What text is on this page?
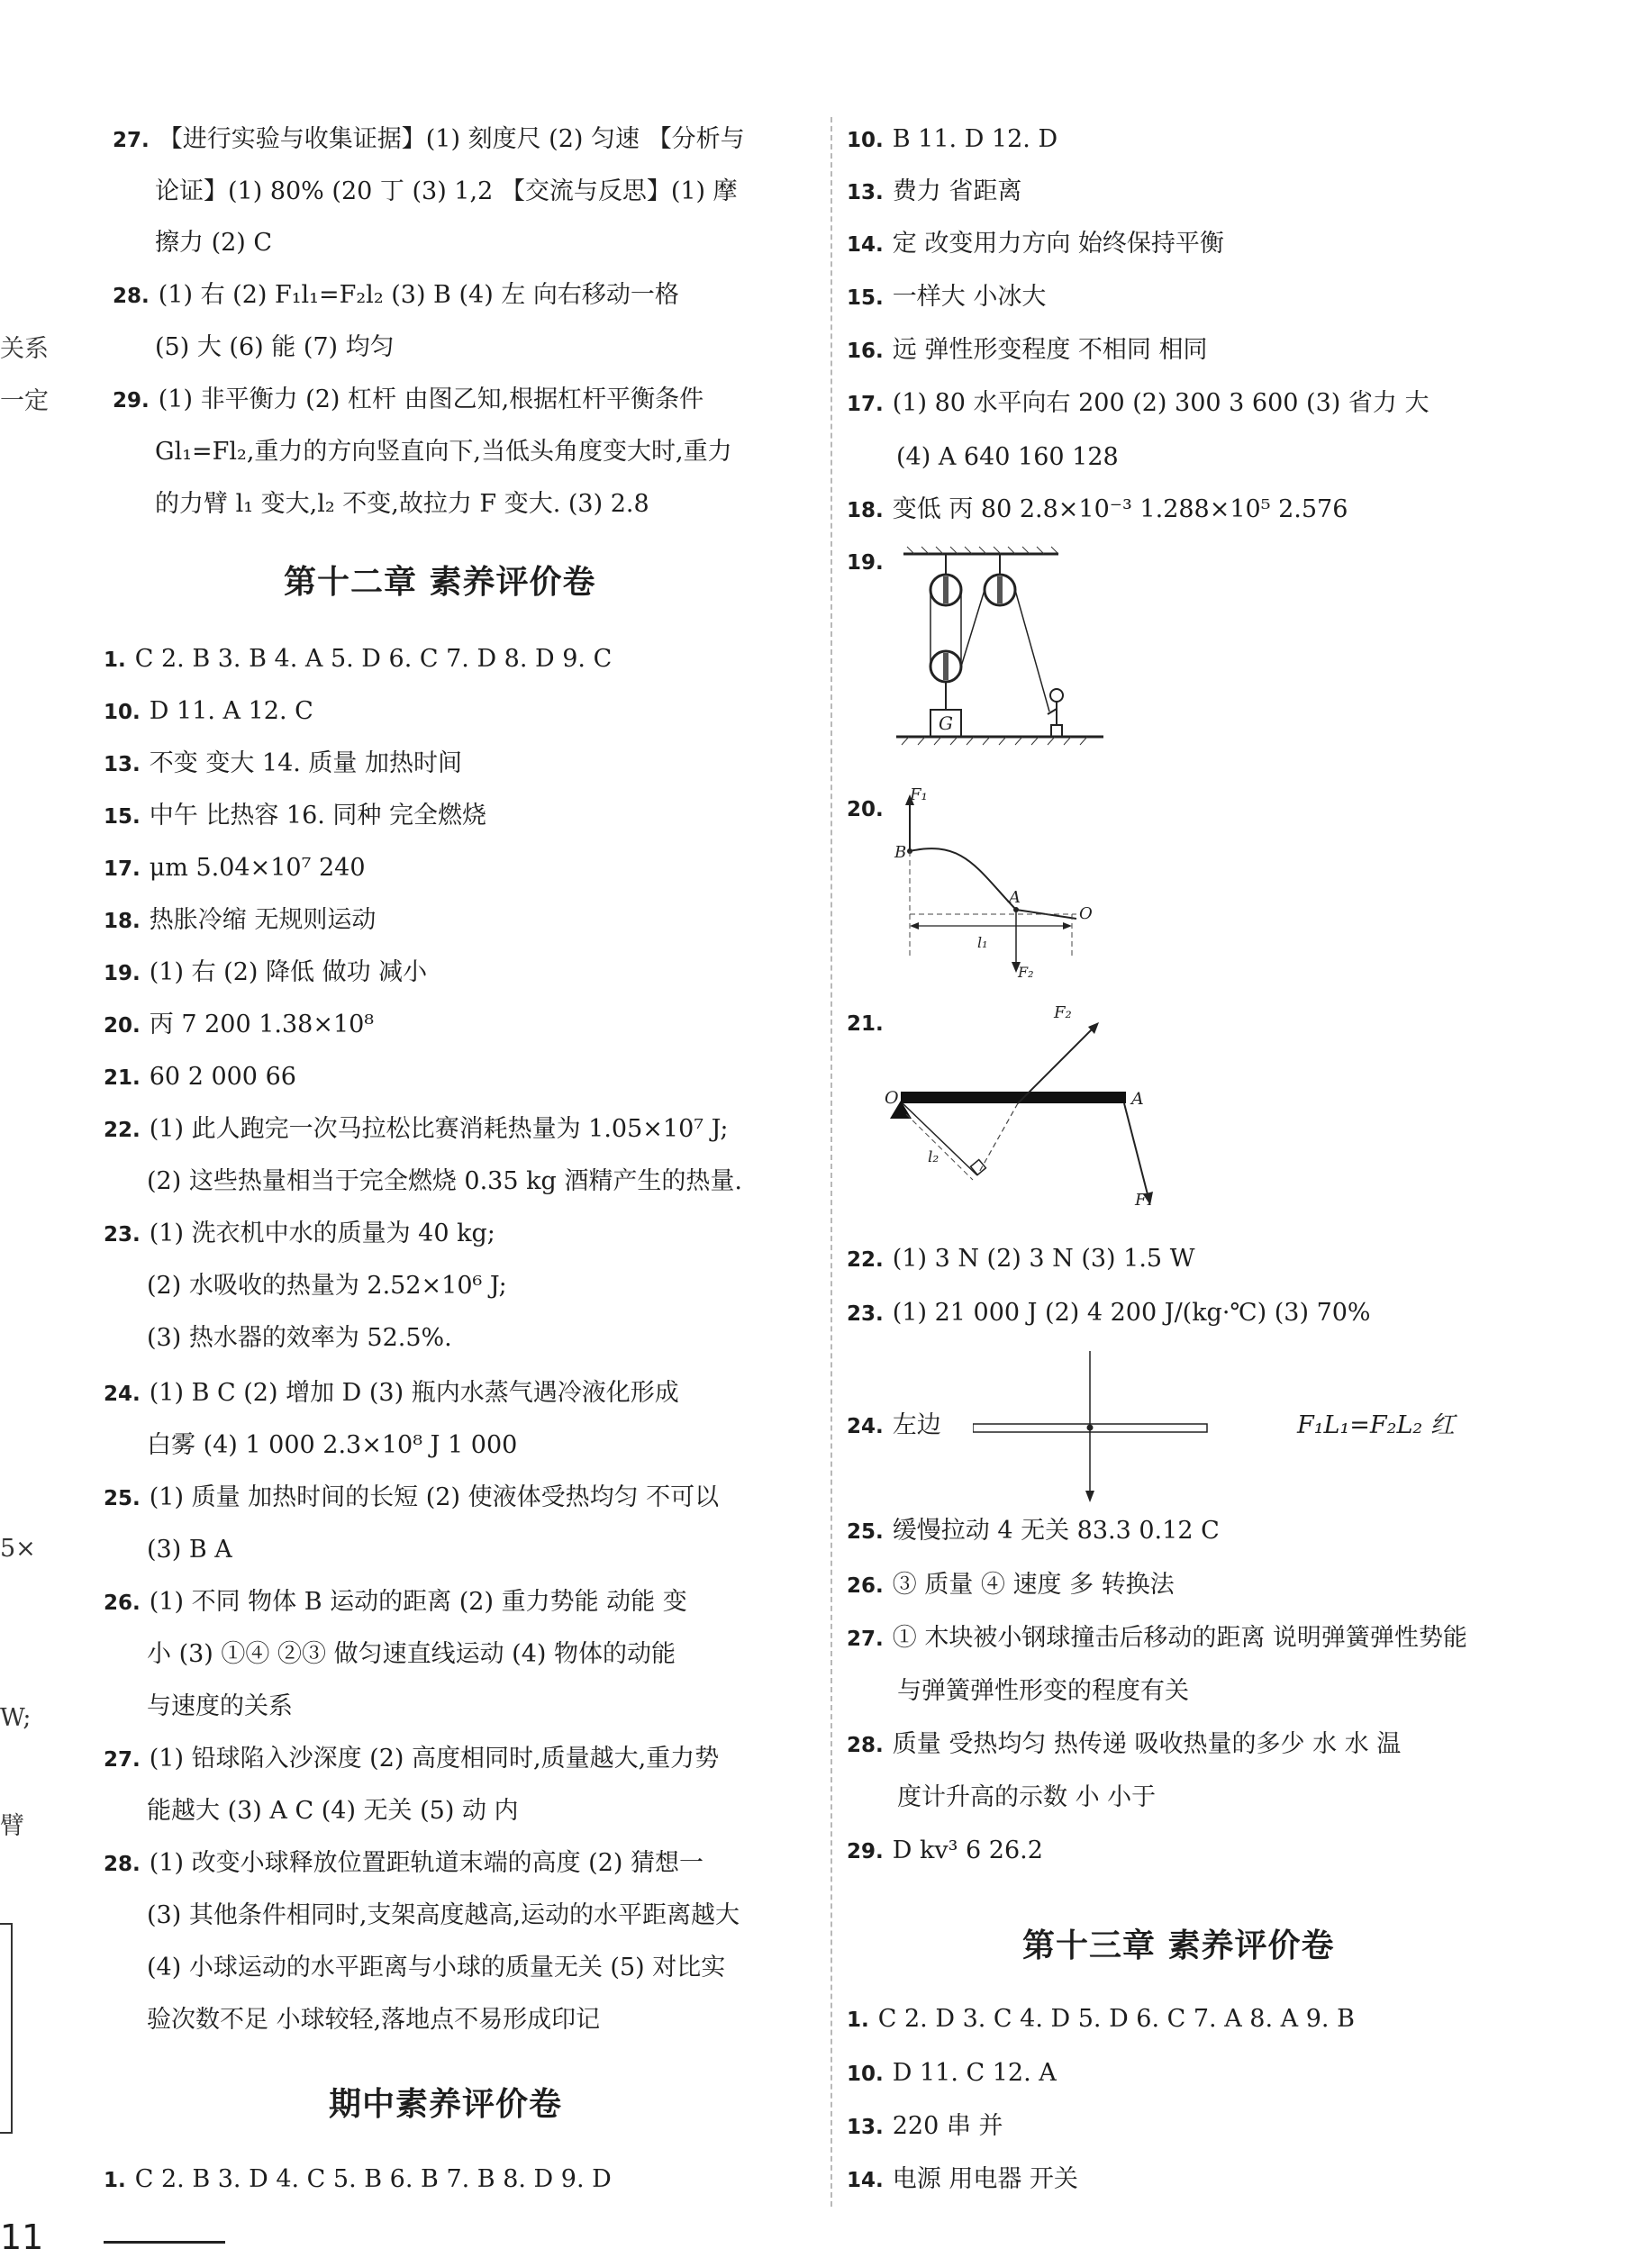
关系
一定
5×
W;
臂
27. 【进行实验与收集证据】(1) 刻度尺 (2) 匀速 【分析与
论证】(1) 80% (20 丁 (3) 1,2 【交流与反思】(1) 摩
擦力 (2) C
28. (1) 右 (2) F₁l₁=F₂l₂ (3) B (4) 左 向右移动一格
(5) 大 (6) 能 (7) 均匀
29. (1) 非平衡力 (2) 杠杆 由图乙知,根据杠杆平衡条件
Gl₁=Fl₂,重力的方向竖直向下,当低头角度变大时,重力
的力臂 l₁ 变大,l₂ 不变,故拉力 F 变大. (3) 2.8
第十二章 素养评价卷
1. C 2. B 3. B 4. A 5. D 6. C 7. D 8. D 9. C
10. D 11. A 12. C
13. 不变 变大 14. 质量 加热时间
15. 中午 比热容 16. 同种 完全燃烧
17. μm 5.04×10⁷ 240
18. 热胀冷缩 无规则运动
19. (1) 右 (2) 降低 做功 减小
20. 丙 7 200 1.38×10⁸
21. 60 2 000 66
22. (1) 此人跑完一次马拉松比赛消耗热量为 1.05×10⁷ J;
(2) 这些热量相当于完全燃烧 0.35 kg 酒精产生的热量.
23. (1) 洗衣机中水的质量为 40 kg;
(2) 水吸收的热量为 2.52×10⁶ J;
(3) 热水器的效率为 52.5%.
24. (1) B C (2) 增加 D (3) 瓶内水蒸气遇冷液化形成
白雾 (4) 1 000 2.3×10⁸ J 1 000
25. (1) 质量 加热时间的长短 (2) 使液体受热均匀 不可以
(3) B A
26. (1) 不同 物体 B 运动的距离 (2) 重力势能 动能 变
小 (3) ①④ ②③ 做匀速直线运动 (4) 物体的动能
与速度的关系
27. (1) 铅球陷入沙深度 (2) 高度相同时,质量越大,重力势
能越大 (3) A C (4) 无关 (5) 动 内
28. (1) 改变小球释放位置距轨道末端的高度 (2) 猜想一
(3) 其他条件相同时,支架高度越高,运动的水平距离越大
(4) 小球运动的水平距离与小球的质量无关 (5) 对比实
验次数不足 小球较轻,落地点不易形成印记
期中素养评价卷
1. C 2. B 3. D 4. C 5. B 6. B 7. B 8. D 9. D
10. B 11. D 12. D
13. 费力 省距离
14. 定 改变用力方向 始终保持平衡
15. 一样大 小冰大
16. 远 弹性形变程度 不相同 相同
17. (1) 80 水平向右 200 (2) 300 3 600 (3) 省力 大
(4) A 640 160 128
18. 变低 丙 80 2.8×10⁻³ 1.288×10⁵ 2.576
19.
G
20.
F₁
B
A
O
F₂
l₁
21.
O	A
F₁
F₂
l₂
22. (1) 3 N (2) 3 N (3) 1.5 W
23. (1) 21 000 J (2) 4 200 J/(kg·℃) (3) 70%
24. 左边	F₁L₁=F₂L₂ 红
25. 缓慢拉动 4 无关 83.3 0.12 C
26. ③ 质量 ④ 速度 多 转换法
27. ① 木块被小钢球撞击后移动的距离 说明弹簧弹性势能
与弹簧弹性形变的程度有关
28. 质量 受热均匀 热传递 吸收热量的多少 水 水 温
度计升高的示数 小 小于
29. D kv³ 6 26.2
第十三章 素养评价卷
1. C 2. D 3. C 4. D 5. D 6. C 7. A 8. A 9. B
10. D 11. C 12. A
13. 220 串 并
14. 电源 用电器 开关
11
